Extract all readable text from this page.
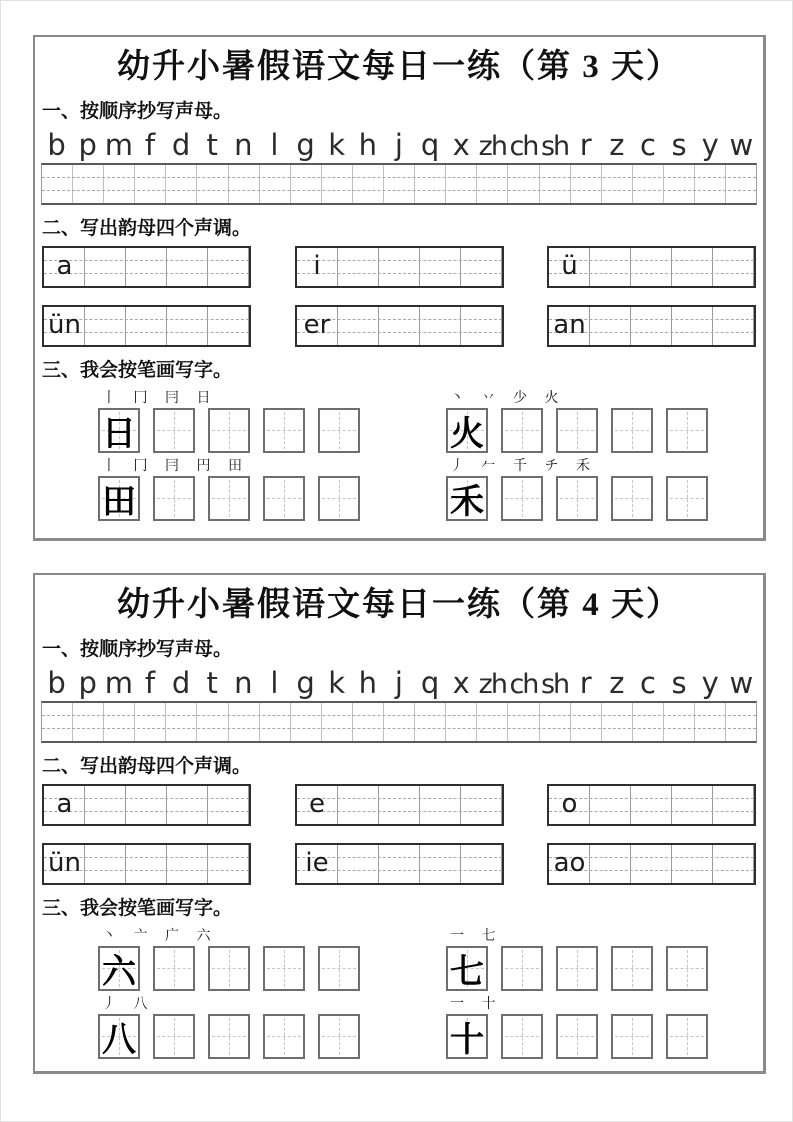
幼升小暑假语文每日一练（第 3 天）
一、按顺序抄写声母。
b p m f d t n l g k h j q x zh ch sh r z c s y w
二、写出韵母四个声调。
a	i	ü
ün	er	an
三、我会按笔画写字。
丨 冂 冃 日
日
丶 丷 少 火
火
丨 冂 冃 円 田
田
丿 𠂉 千 チ 禾
禾
幼升小暑假语文每日一练（第 4 天）
一、按顺序抄写声母。
b p m f d t n l g k h j q x zh ch sh r z c s y w
二、写出韵母四个声调。
a	e	o
ün	ie	ao
三、我会按笔画写字。
丶 亠 广 六
六
一 七
七
丿 八
八
一 十
十
